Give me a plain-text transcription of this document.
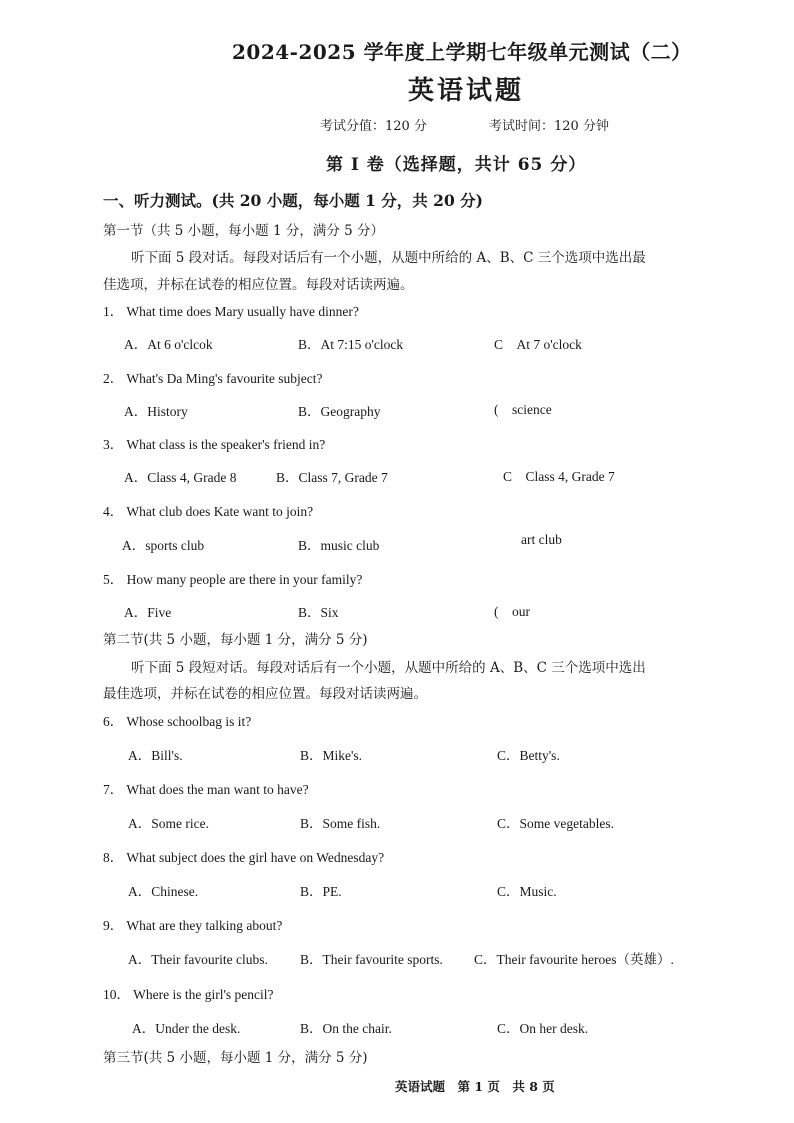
2024-2025 学年度上学期七年级单元测试（二）
英语试题
考试分值：120 分	考试时间：120 分钟
第 Ⅰ 卷（选择题，共计 65 分）
一、听力测试。(共 20 小题，每小题 1 分，共 20 分)
第一节（共 5 小题，每小题 1 分，满分 5 分）
听下面 5 段对话。每段对话后有一个小题，从题中所给的 A、B、C 三个选项中选出最
佳选项，并标在试卷的相应位置。每段对话读两遍。
1． What time does Mary usually have dinner?
A．At 6 o'clcok	B．At 7:15 o'clock	C　At 7 o'clock
2． What's Da Ming's favourite subject?
A．History	B．Geography	(　science
3． What class is the speaker's friend in?
A．Class 4, Grade 8	B．Class 7, Grade 7	C　Class 4, Grade 7
4． What club does Kate want to join?
A．sports club	B．music club	art club
5． How many people are there in your family?
A．Five	B．Six	(　our
第二节(共 5 小题，每小题 1 分，满分 5 分)
听下面 5 段短对话。每段对话后有一个小题，从题中所给的 A、B、C 三个选项中选出
最佳选项，并标在试卷的相应位置。每段对话读两遍。
6． Whose schoolbag is it?
A．Bill's.	B．Mike's.	C．Betty's.
7． What does the man want to have?
A．Some rice.	B．Some fish.	C．Some vegetables.
8． What subject does the girl have on Wednesday?
A．Chinese.	B．PE.	C．Music.
9． What are they talking about?
A．Their favourite clubs. B．Their favourite sports. C．Their favourite heroes（英雄）.
10． Where is the girl's pencil?
A．Under the desk.	B．On the chair.	C．On her desk.
第三节(共 5 小题，每小题 1 分，满分 5 分)
英语试题　第 1 页　共 8 页
